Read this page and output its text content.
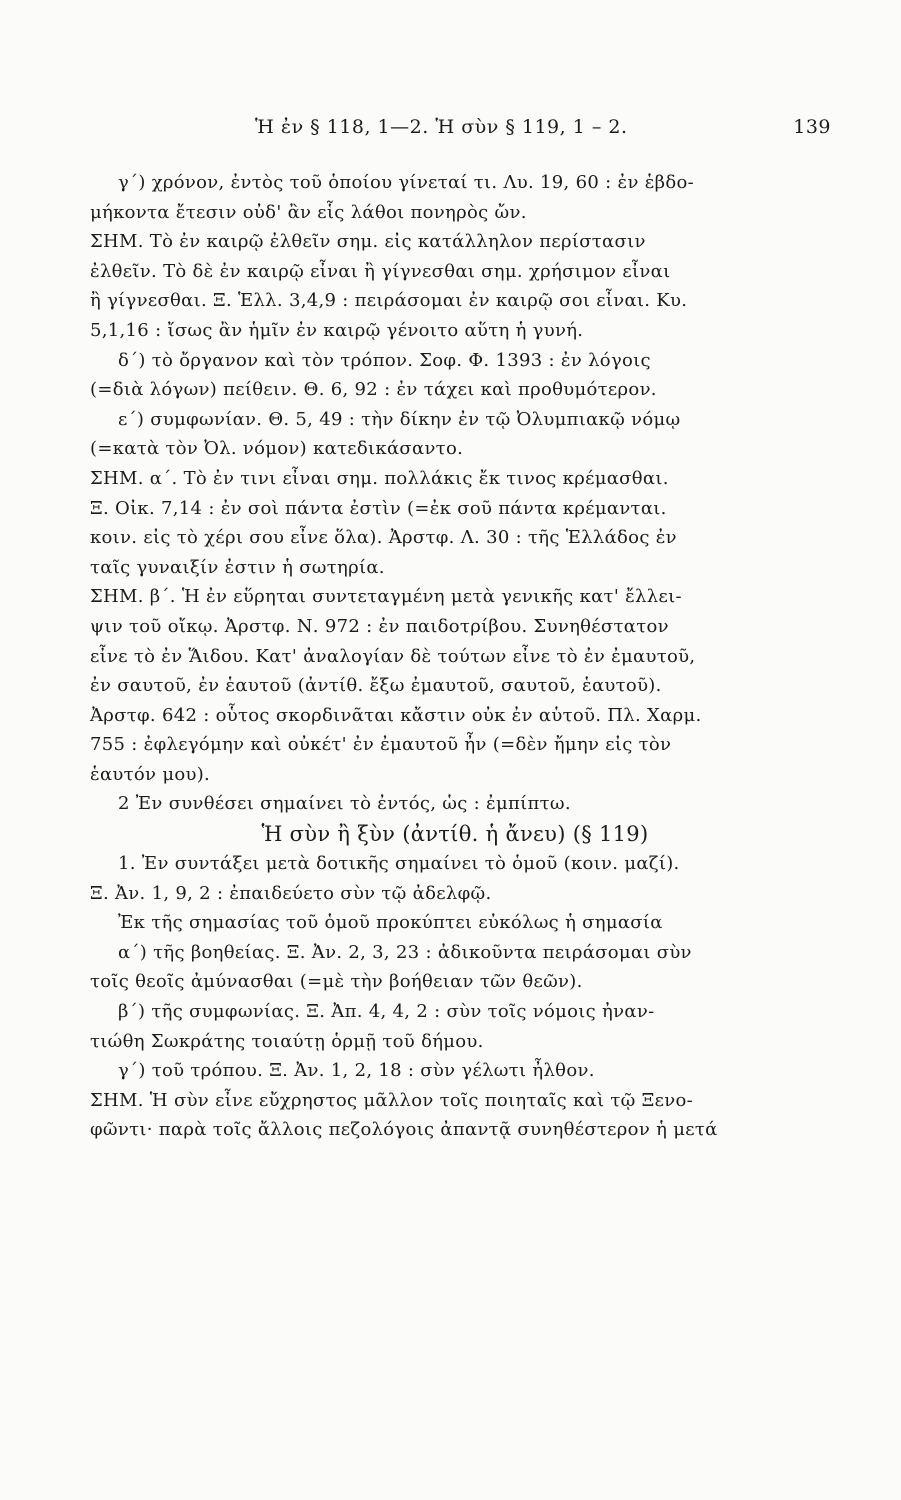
Ἡ ἐν § 118, 1—2. Ἡ σὺν § 119, 1 – 2.	139

γ΄) χρόνον, ἐντὸς τοῦ ὁποίου γίνεταί τι. Λυ. 19, 60 : ἐν ἑβδο-

μήκοντα ἔτεσιν οὐδ' ἂν εἷς λάθοι πονηρὸς ὤν.

ΣΗΜ. Τὸ ἐν καιρῷ ἐλθεῖν σημ. εἰς κατάλληλον περίστασιν

ἐλθεῖν. Τὸ δὲ ἐν καιρῷ εἶναι ἢ γίγνεσθαι σημ. χρήσιμον εἶναι

ἢ γίγνεσθαι. Ξ. Ἑλλ. 3,4,9 : πειράσομαι ἐν καιρῷ σοι εἶναι. Κυ.

5,1,16 : ἴσως ἂν ἡμῖν ἐν καιρῷ γένοιτο αὕτη ἡ γυνή.

δ΄) τὸ ὄργανον καὶ τὸν τρόπον. Σοφ. Φ. 1393 : ἐν λόγοις

(=διὰ λόγων) πείθειν. Θ. 6, 92 : ἐν τάχει καὶ προθυμότερον.

ε΄) συμφωνίαν. Θ. 5, 49 : τὴν δίκην ἐν τῷ Ὀλυμπιακῷ νόμῳ

(=κατὰ τὸν Ὀλ. νόμον) κατεδικάσαντο.

ΣΗΜ. α΄. Τὸ ἐν τινι εἶναι σημ. πολλάκις ἔκ τινος κρέμασθαι.

Ξ. Οἰκ. 7,14 : ἐν σοὶ πάντα ἐστὶν (=ἐκ σοῦ πάντα κρέμανται.

κοιν. εἰς τὸ χέρι σου εἶνε ὅλα). Ἀρστφ. Λ. 30 : τῆς Ἑλλάδος ἐν

ταῖς γυναιξίν ἐστιν ἡ σωτηρία.

ΣΗΜ. β΄. Ἡ ἐν εὕρηται συντεταγμένη μετὰ γενικῆς κατ' ἔλλει-

ψιν τοῦ οἴκῳ. Ἀρστφ. Ν. 972 : ἐν παιδοτρίβου. Συνηθέστατον

εἶνε τὸ ἐν Ἅιδου. Κατ' ἀναλογίαν δὲ τούτων εἶνε τὸ ἐν ἐμαυτοῦ,

ἐν σαυτοῦ, ἐν ἑαυτοῦ (ἀντίθ. ἔξω ἐμαυτοῦ, σαυτοῦ, ἑαυτοῦ).

Ἀρστφ. 642 : οὗτος σκορδινᾶται κἄστιν οὐκ ἐν αὑτοῦ. Πλ. Χαρμ.

755 : ἐφλεγόμην καὶ οὐκέτ' ἐν ἐμαυτοῦ ἦν (=δὲν ἤμην εἰς τὸν

ἑαυτόν μου).

2 Ἐν συνθέσει σημαίνει τὸ ἐντός, ὡς : ἐμπίπτω.

Ἡ σὺν ἢ ξὺν (ἀντίθ. ἡ ἄνευ) (§ 119)

1. Ἐν συντάξει μετὰ δοτικῆς σημαίνει τὸ ὁμοῦ (κοιν. μαζί).

Ξ. Ἀν. 1, 9, 2 : ἐπαιδεύετο σὺν τῷ ἀδελφῷ.

Ἐκ τῆς σημασίας τοῦ ὁμοῦ προκύπτει εὐκόλως ἡ σημασία

α΄) τῆς βοηθείας. Ξ. Ἀν. 2, 3, 23 : ἀδικοῦντα πειράσομαι σὺν

τοῖς θεοῖς ἀμύνασθαι (=μὲ τὴν βοήθειαν τῶν θεῶν).

β΄) τῆς συμφωνίας. Ξ. Ἀπ. 4, 4, 2 : σὺν τοῖς νόμοις ἠναν-

τιώθη Σωκράτης τοιαύτῃ ὁρμῇ τοῦ δήμου.

γ΄) τοῦ τρόπου. Ξ. Ἀν. 1, 2, 18 : σὺν γέλωτι ἦλθον.

ΣΗΜ. Ἡ σὺν εἶνε εὔχρηστος μᾶλλον τοῖς ποιηταῖς καὶ τῷ Ξενο-

φῶντι· παρὰ τοῖς ἄλλοις πεζολόγοις ἀπαντᾷ συνηθέστερον ἡ μετά
